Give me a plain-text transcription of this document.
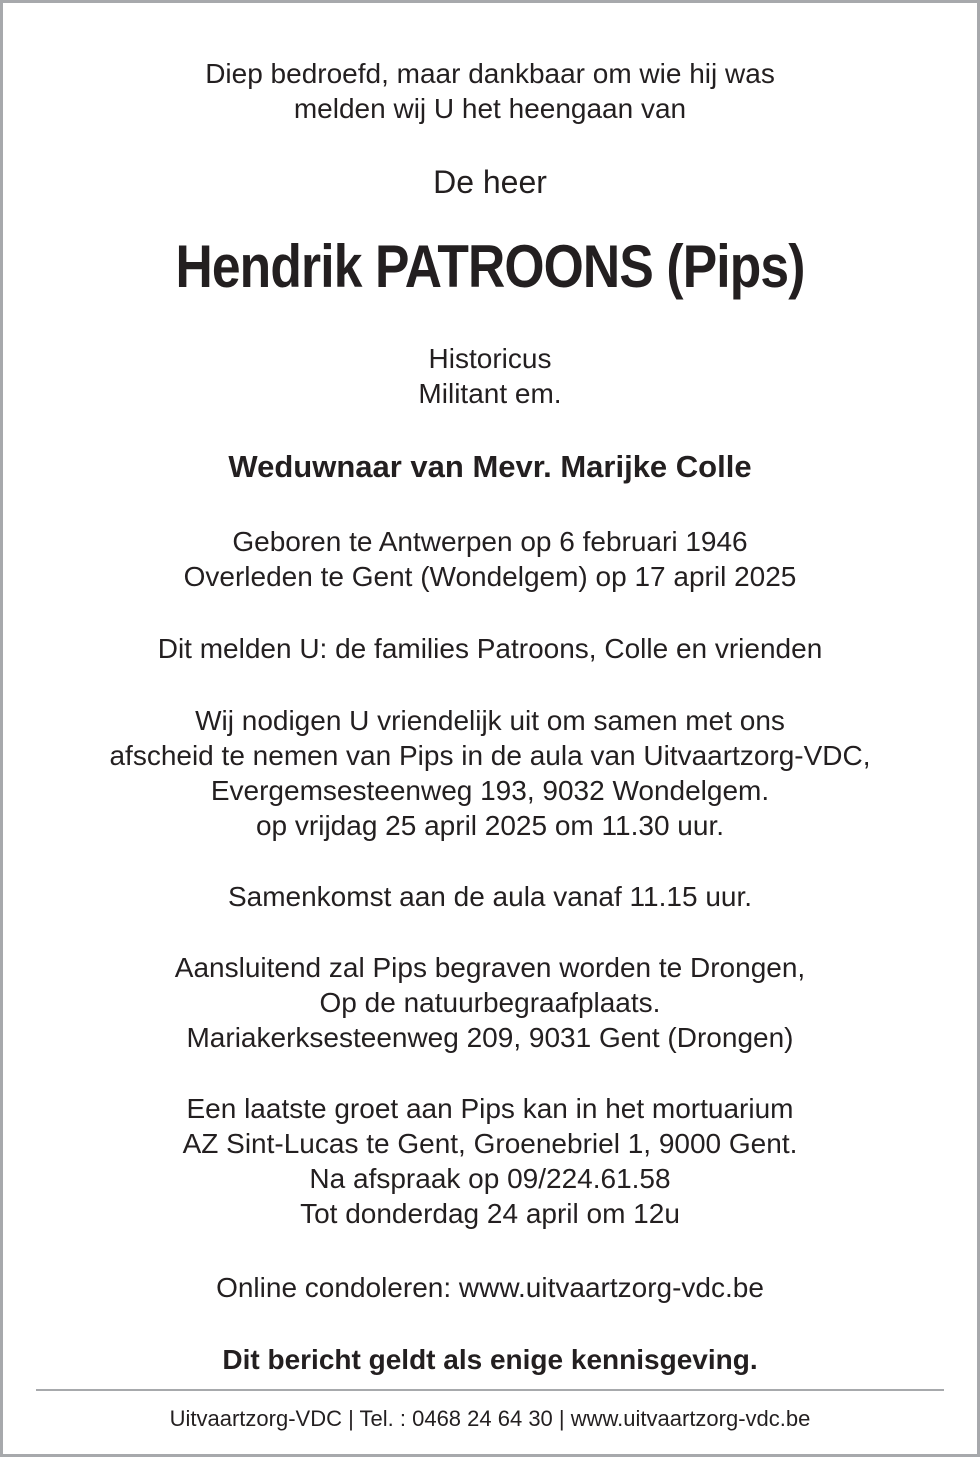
Diep bedroefd, maar dankbaar om wie hij was
melden wij U het heengaan van
De heer
Hendrik PATROONS (Pips)
Historicus
Militant em.
Weduwnaar van Mevr. Marijke Colle
Geboren te Antwerpen op 6 februari 1946
Overleden te Gent (Wondelgem) op 17 april 2025
Dit melden U: de families Patroons, Colle en vrienden
Wij nodigen U vriendelijk uit om samen met ons
afscheid te nemen van Pips in de aula van Uitvaartzorg-VDC,
Evergemsesteenweg 193, 9032 Wondelgem.
op vrijdag 25 april 2025 om 11.30 uur.
Samenkomst aan de aula vanaf 11.15 uur.
Aansluitend zal Pips begraven worden te Drongen,
Op de natuurbegraafplaats.
Mariakerksesteenweg 209, 9031 Gent (Drongen)
Een laatste groet aan Pips kan in het mortuarium
AZ Sint-Lucas te Gent, Groenebriel 1, 9000 Gent.
Na afspraak op 09/224.61.58
Tot donderdag 24 april om 12u
Online condoleren: www.uitvaartzorg-vdc.be
Dit bericht geldt als enige kennisgeving.
Uitvaartzorg-VDC | Tel. : 0468 24 64 30 | www.uitvaartzorg-vdc.be
